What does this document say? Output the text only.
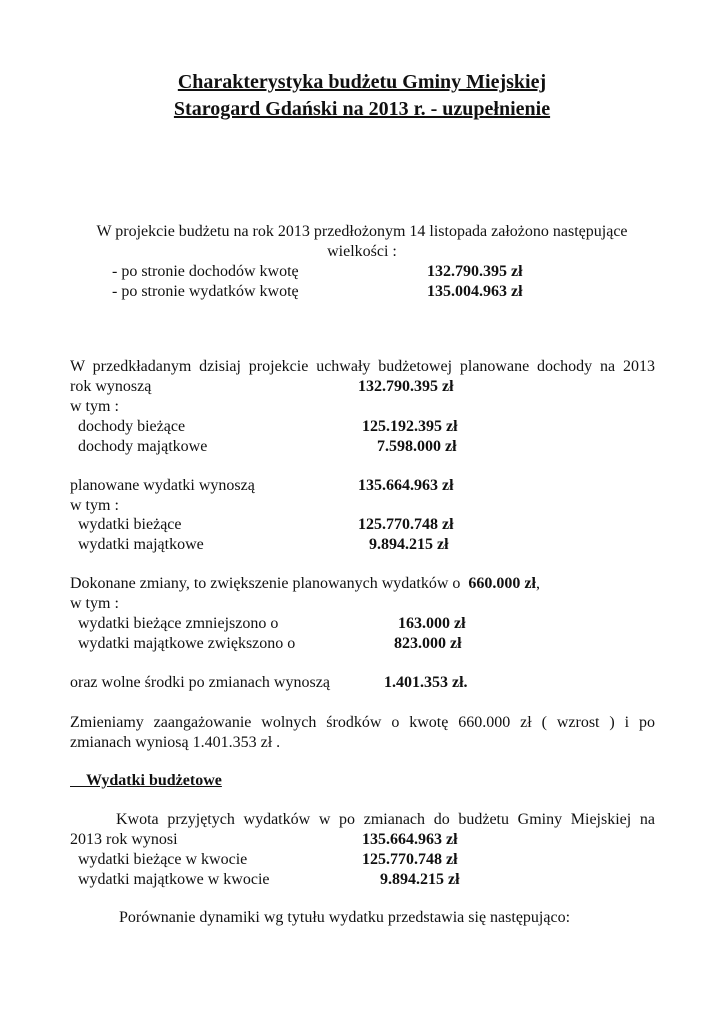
Charakterystyka budżetu Gminy Miejskiej
Starogard Gdański na 2013 r. - uzupełnienie
W projekcie budżetu na rok 2013 przedłożonym 14 listopada założono następujące
wielkości :
- po stronie dochodów kwotę	132.790.395 zł
- po stronie wydatków kwotę	135.004.963 zł
W przedkładanym dzisiaj projekcie uchwały budżetowej planowane dochody na 2013
rok wynoszą	132.790.395 zł
w tym :
dochody bieżące	125.192.395 zł
dochody majątkowe	7.598.000 zł
planowane wydatki wynoszą	135.664.963 zł
w tym :
wydatki bieżące	125.770.748 zł
wydatki majątkowe	9.894.215 zł
Dokonane zmiany, to zwiększenie planowanych wydatków o 660.000 zł,
w tym :
wydatki bieżące zmniejszono o	163.000 zł
wydatki majątkowe zwiększono o	823.000 zł
oraz wolne środki po zmianach wynoszą	1.401.353 zł.
Zmieniamy zaangażowanie wolnych środków o kwotę 660.000 zł ( wzrost ) i po
zmianach wyniosą 1.401.353 zł .
Wydatki budżetowe
Kwota przyjętych wydatków w po zmianach do budżetu Gminy Miejskiej na
2013 rok wynosi	135.664.963 zł
wydatki bieżące w kwocie	125.770.748 zł
wydatki majątkowe w kwocie	9.894.215 zł
Porównanie dynamiki wg tytułu wydatku przedstawia się następująco:
